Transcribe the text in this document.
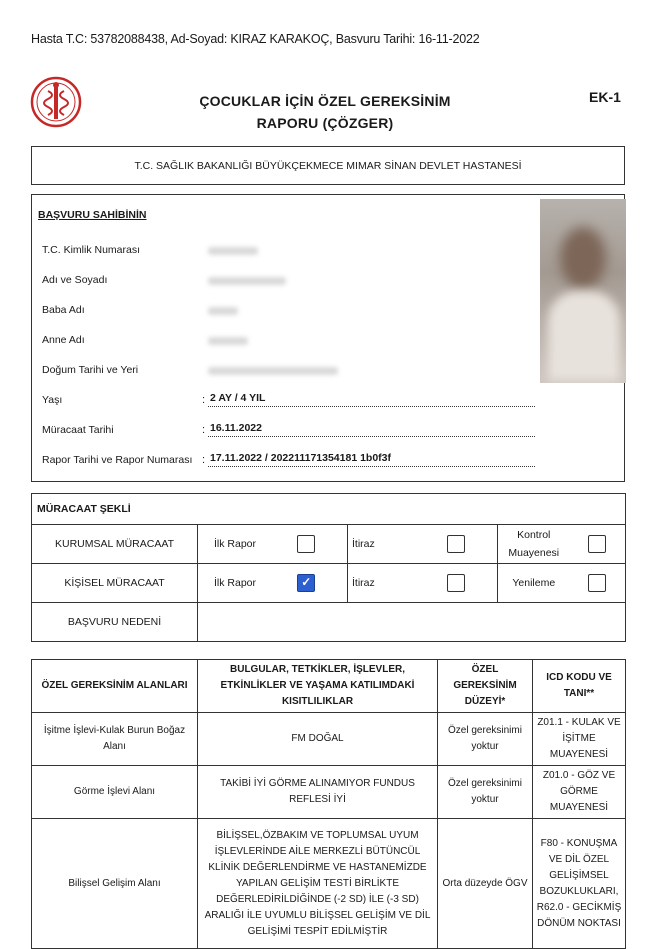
Hasta T.C: 53782088438, Ad-Soyad: KIRAZ KARAKOÇ, Basvuru Tarihi: 16-11-2022
ÇOCUKLAR İÇİN ÖZEL GEREKSİNİM
RAPORU (ÇÖZGER)
EK-1
T.C. SAĞLIK BAKANLIĞI BÜYÜKÇEKMECE MIMAR SİNAN DEVLET HASTANESİ
BAŞVURU SAHİBİNİN
T.C. Kimlik Numarası
Adı ve Soyadı
Baba Adı
Anne Adı
Doğum Tarihi ve Yeri
Yaşı	: 2 AY / 4 YIL
Müracaat Tarihi	: 16.11.2022
Rapor Tarihi ve Rapor Numarası : 17.11.2022 / 202211171354181 1b0f3f
MÜRACAAT ŞEKLİ						
KURUMSAL MÜRACAAT	İlk Rapor		İtiraz		Kontrol
Muayenesi	

KİŞİSEL MÜRACAAT	İlk Rapor	✓	İtiraz		Yenileme	
BAŞVURU NEDENİ						
ÖZEL GEREKSİNİM ALANLARI	BULGULAR, TETKİKLER, İŞLEVLER, ETKİNLİKLER VE YAŞAMA KATILIMDAKİ KISITLILIKLAR	ÖZEL GEREKSİNİM DÜZEYİ*	ICD KODU VE TANI**
İşitme İşlevi-Kulak Burun Boğaz Alanı	FM DOĞAL	Özel gereksinimi yoktur	Z01.1 - KULAK VE İŞİTME MUAYENESİ
Görme İşlevi Alanı	TAKİBİ İYİ GÖRME ALINAMIYOR FUNDUS REFLESİ İYİ	Özel gereksinimi yoktur	Z01.0 - GÖZ VE GÖRME MUAYENESİ
Bilişsel Gelişim Alanı	BİLİŞSEL,ÖZBAKIM VE TOPLUMSAL UYUM İŞLEVLERİNDE AİLE MERKEZLİ BÜTÜNCÜL KLİNİK DEĞERLENDİRME VE HASTANEMİZDE YAPILAN GELİŞİM TESTİ BİRLİKTE DEĞERLEDİRİLDİĞİNDE (-2 SD) İLE (-3 SD) ARALIĞI İLE UYUMLU BİLİŞSEL GELİŞİM VE DİL GELİŞİMİ TESPİT EDİLMİŞTİR	Orta düzeyde ÖGV	F80 - KONUŞMA VE DİL ÖZEL GELİŞİMSEL BOZUKLUKLARI, R62.0 - GECİKMİŞ DÖNÜM NOKTASI
